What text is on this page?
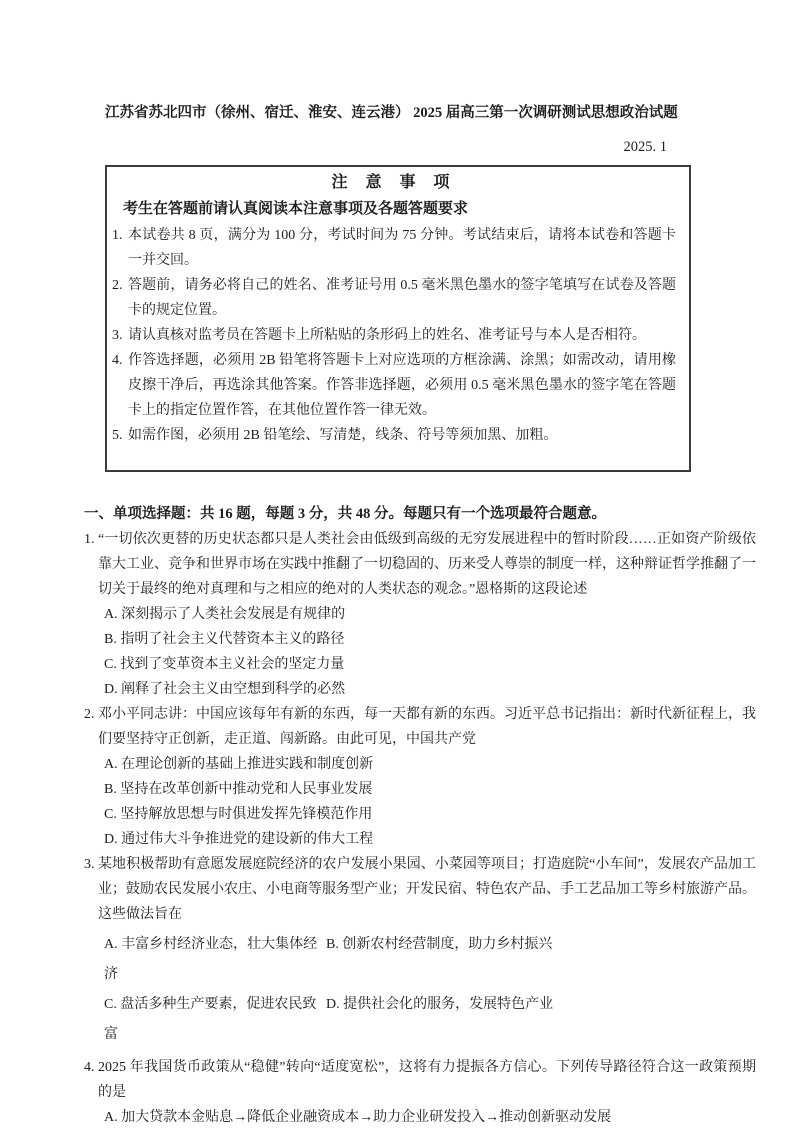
江苏省苏北四市（徐州、宿迁、淮安、连云港） 2025 届高三第一次调研测试思想政治试题
2025. 1
注 意 事 项
考生在答题前请认真阅读本注意事项及各题答题要求
1. 本试卷共 8 页，满分为 100 分，考试时间为 75 分钟。考试结束后，请将本试卷和答题卡一并交回。
2. 答题前，请务必将自己的姓名、准考证号用 0.5 毫米黑色墨水的签字笔填写在试卷及答题卡的规定位置。
3. 请认真核对监考员在答题卡上所粘贴的条形码上的姓名、准考证号与本人是否相符。
4. 作答选择题，必须用 2B 铅笔将答题卡上对应选项的方框涂满、涂黑；如需改动，请用橡皮擦干净后，再选涂其他答案。作答非选择题，必须用 0.5 毫米黑色墨水的签字笔在答题卡上的指定位置作答，在其他位置作答一律无效。
5. 如需作图，必须用 2B 铅笔绘、写清楚，线条、符号等须加黑、加粗。
一、单项选择题：共 16 题，每题 3 分，共 48 分。每题只有一个选项最符合题意。
1. “一切依次更替的历史状态都只是人类社会由低级到高级的无穷发展进程中的暂时阶段……正如资产阶级依靠大工业、竞争和世界市场在实践中推翻了一切稳固的、历来受人尊崇的制度一样，这种辩证哲学推翻了一切关于最终的绝对真理和与之相应的绝对的人类状态的观念。”恩格斯的这段论述
A. 深刻揭示了人类社会发展是有规律的
B. 指明了社会主义代替资本主义的路径
C. 找到了变革资本主义社会的坚定力量
D. 阐释了社会主义由空想到科学的必然
2. 邓小平同志讲：中国应该每年有新的东西，每一天都有新的东西。习近平总书记指出：新时代新征程上，我们要坚持守正创新，走正道、闯新路。由此可见，中国共产党
A. 在理论创新的基础上推进实践和制度创新
B. 坚持在改革创新中推动党和人民事业发展
C. 坚持解放思想与时俱进发挥先锋模范作用
D. 通过伟大斗争推进党的建设新的伟大工程
3. 某地积极帮助有意愿发展庭院经济的农户发展小果园、小菜园等项目；打造庭院“小车间”，发展农产品加工业；鼓励农民发展小农庄、小电商等服务型产业；开发民宿、特色农产品、手工艺品加工等乡村旅游产品。这些做法旨在
A. 丰富乡村经济业态，壮大集体经济
B. 创新农村经营制度，助力乡村振兴
C. 盘活多种生产要素，促进农民致富
D. 提供社会化的服务，发展特色产业
4. 2025 年我国货币政策从“稳健”转向“适度宽松”，这将有力提振各方信心。下列传导路径符合这一政策预期的是
A. 加大贷款本金贴息→降低企业融资成本→助力企业研发投入→推动创新驱动发展
